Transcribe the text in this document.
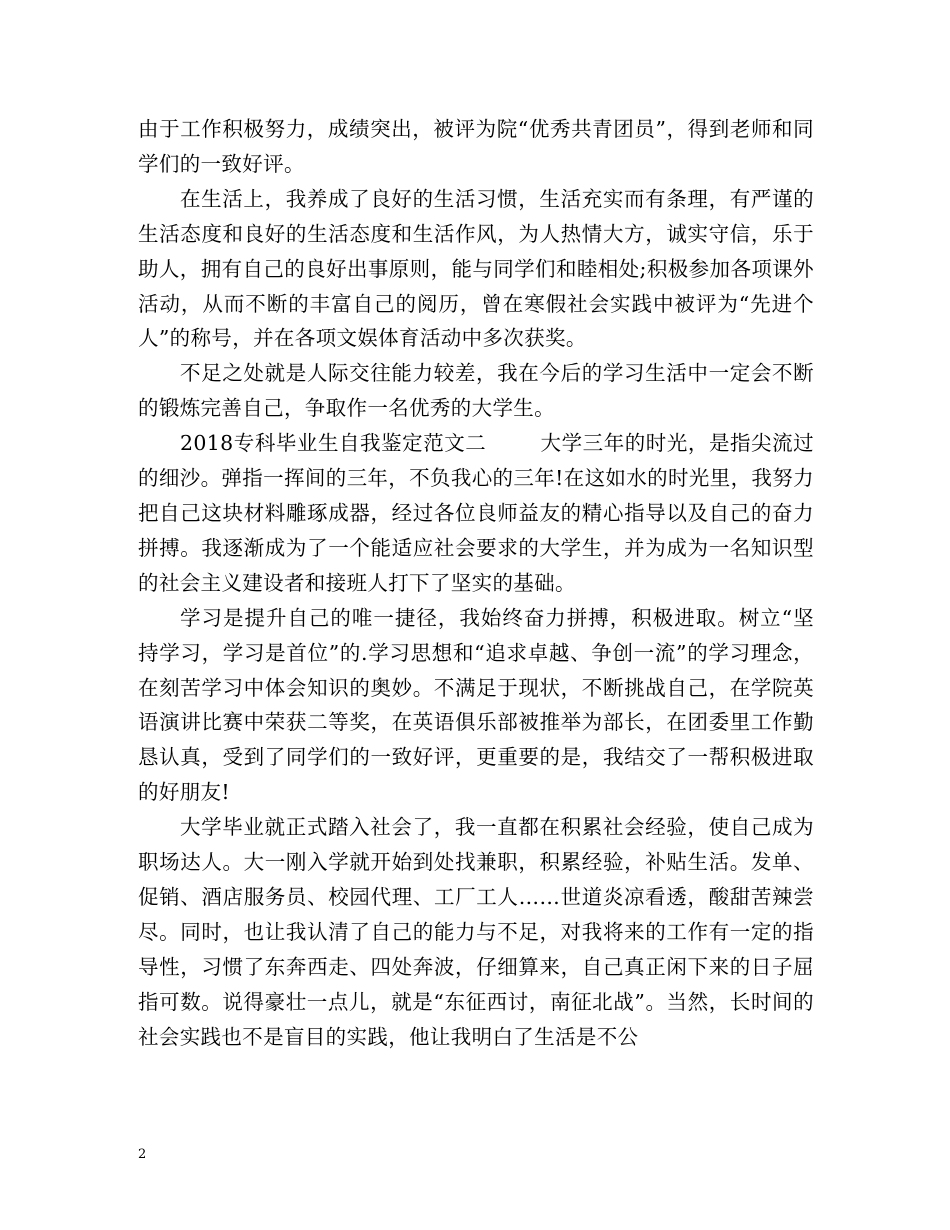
由于工作积极努力，成绩突出，被评为院“优秀共青团员”，得到老师和同学们的一致好评。

在生活上，我养成了良好的生活习惯，生活充实而有条理，有严谨的生活态度和良好的生活态度和生活作风，为人热情大方，诚实守信，乐于助人，拥有自己的良好出事原则，能与同学们和睦相处;积极参加各项课外活动，从而不断的丰富自己的阅历，曾在寒假社会实践中被评为“先进个人”的称号，并在各项文娱体育活动中多次获奖。

不足之处就是人际交往能力较差，我在今后的学习生活中一定会不断的锻炼完善自己，争取作一名优秀的大学生。

2018专科毕业生自我鉴定范文二	大学三年的时光，是指尖流过的细沙。弹指一挥间的三年，不负我心的三年!在这如水的时光里，我努力把自己这块材料雕琢成器，经过各位良师益友的精心指导以及自己的奋力拼搏。我逐渐成为了一个能适应社会要求的大学生，并为成为一名知识型的社会主义建设者和接班人打下了坚实的基础。

学习是提升自己的唯一捷径，我始终奋力拼搏，积极进取。树立“坚持学习，学习是首位”的.学习思想和“追求卓越、争创一流”的学习理念，在刻苦学习中体会知识的奥妙。不满足于现状，不断挑战自己，在学院英语演讲比赛中荣获二等奖，在英语俱乐部被推举为部长，在团委里工作勤恳认真，受到了同学们的一致好评，更重要的是，我结交了一帮积极进取的好朋友!

大学毕业就正式踏入社会了，我一直都在积累社会经验，使自己成为职场达人。大一刚入学就开始到处找兼职，积累经验，补贴生活。发单、促销、酒店服务员、校园代理、工厂工人……世道炎凉看透，酸甜苦辣尝尽。同时，也让我认清了自己的能力与不足，对我将来的工作有一定的指导性，习惯了东奔西走、四处奔波，仔细算来，自己真正闲下来的日子屈指可数。说得豪壮一点儿，就是“东征西讨，南征北战”。当然，长时间的社会实践也不是盲目的实践，他让我明白了生活是不公

2
